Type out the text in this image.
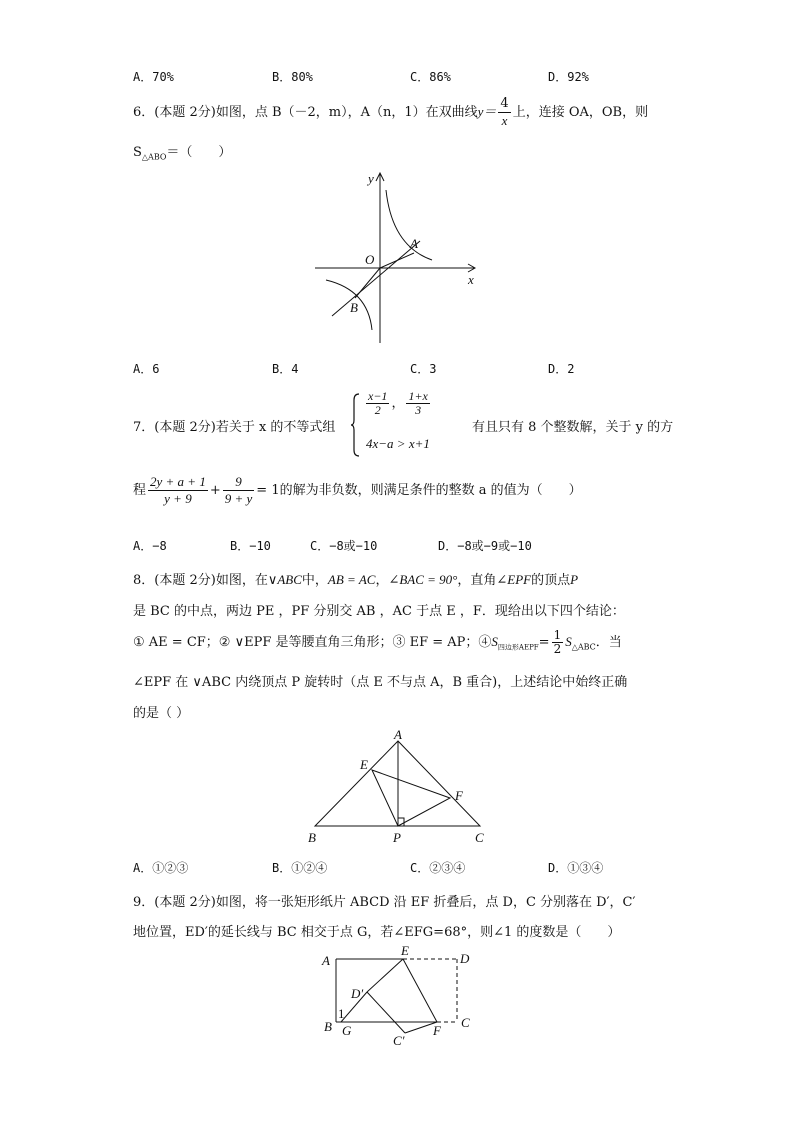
A．70%	B．80%	C．86%	D．92%
6．(本题 2分)如图，点 B（－2，m），A（n，1）在双曲线$y= \frac{4}{x}$ 上，连接 OA，OB，则
$S_{\triangle ABO}=$（　　）
y
x
O
A
B
A．6	B．4	C．3	D．2
7．(本题 2分)若关于 x 的不等式组
$\frac{x-1}{2}$ ， $\frac{1+x}{3}$
4x−a > x+1
有且只有 8 个整数解，关于 y 的方
程 $\frac{2y + a + 1}{y + 9} + \frac{9}{9 + y} = 1$的解为非负数，则满足条件的整数 a 的值为（　　）
A．−8	B．−10	C．−8或−10	D．−8或−9或−10
8．(本题 2分)如图，在∨ABC中，AB = AC，∠BAC = 90°，直角∠EPF的顶点P
是 BC 的中点，两边 PE ，PF 分别交 AB ，AC 于点 E ，F．现给出以下四个结论：
① AE = CF；② ∨EPF 是等腰直角三角形；③ EF = AP；$④S_{四边形AEPF}= \frac{1}{2} S_{\triangle ABC}$．当
∠EPF 在 ∨ABC 内绕顶点 P 旋转时（点 E 不与点 A，B 重合)，上述结论中始终正确
的是（ ）
A
B	C
E
F
P
A．①②③	B．①②④	C．②③④	D．①③④
9．(本题 2分)如图，将一张矩形纸片 ABCD 沿 EF 折叠后，点 D，C 分别落在 D′，C′
地位置，ED′的延长线与 BC 相交于点 G，若∠EFG=68°，则∠1 的度数是（　　）
A
B	C
D
E
F
G
D′
C′
1
